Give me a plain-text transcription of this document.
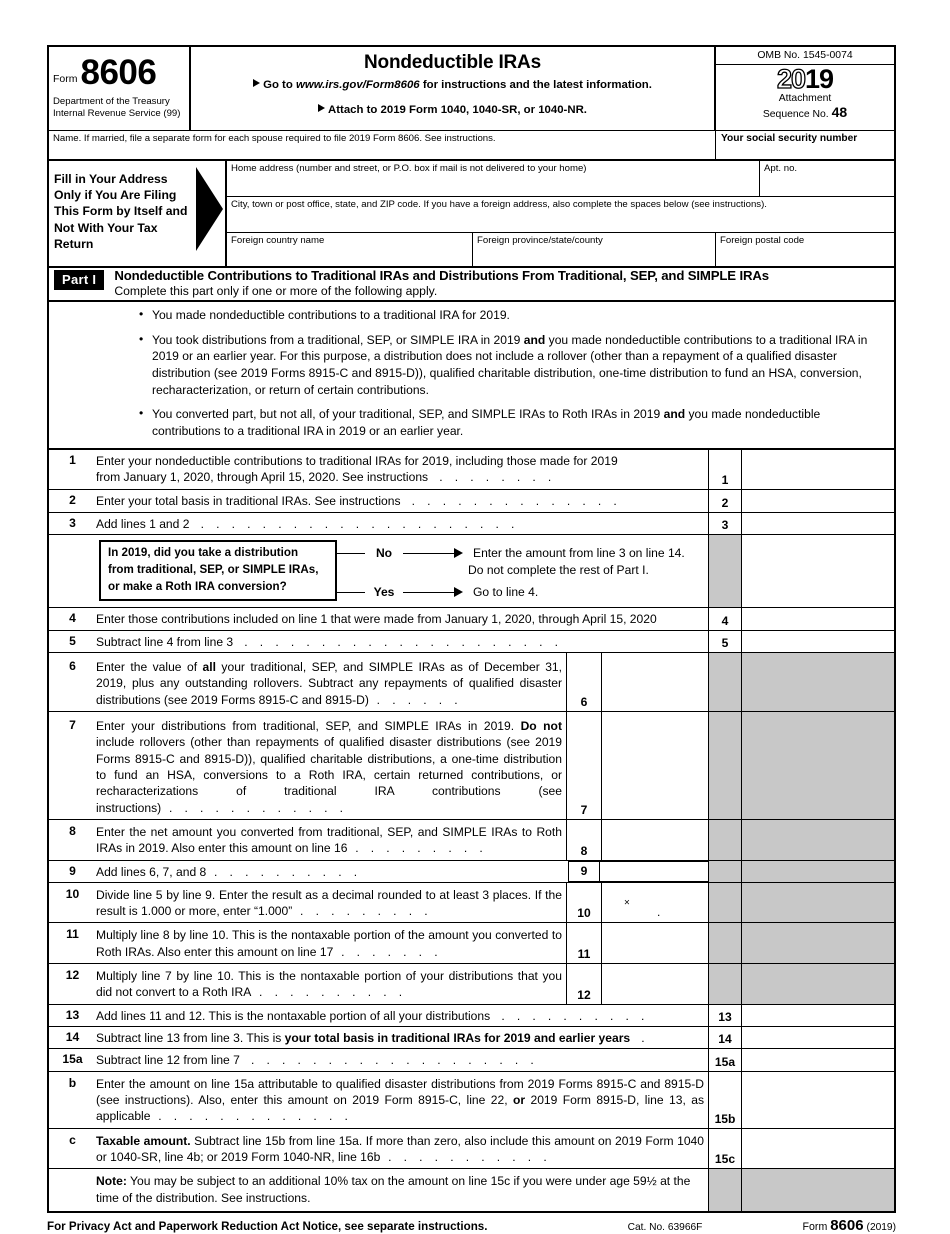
Form 8606
Department of the Treasury
Internal Revenue Service (99)
Nondeductible IRAs
Go to www.irs.gov/Form8606 for instructions and the latest information.
Attach to 2019 Form 1040, 1040-SR, or 1040-NR.
OMB No. 1545-0074
2019
Attachment
Sequence No. 48
Name. If married, file a separate form for each spouse required to file 2019 Form 8606. See instructions.	Your social security number
Fill in Your Address Only if You Are Filing This Form by Itself and Not With Your Tax Return
Home address (number and street, or P.O. box if mail is not delivered to your home)	Apt. no.
City, town or post office, state, and ZIP code. If you have a foreign address, also complete the spaces below (see instructions).
Foreign country name	Foreign province/state/county	Foreign postal code
Part I	Nondeductible Contributions to Traditional IRAs and Distributions From Traditional, SEP, and SIMPLE IRAs
Complete this part only if one or more of the following apply.
• You made nondeductible contributions to a traditional IRA for 2019.
• You took distributions from a traditional, SEP, or SIMPLE IRA in 2019 and you made nondeductible contributions to a traditional IRA in 2019 or an earlier year. For this purpose, a distribution does not include a rollover (other than a repayment of a qualified disaster distribution (see 2019 Forms 8915-C and 8915-D)), qualified charitable distribution, one-time distribution to fund an HSA, conversion, recharacterization, or return of certain contributions.
• You converted part, but not all, of your traditional, SEP, and SIMPLE IRAs to Roth IRAs in 2019 and you made nondeductible contributions to a traditional IRA in 2019 or an earlier year.
1	Enter your nondeductible contributions to traditional IRAs for 2019, including those made for 2019
from January 1, 2020, through April 15, 2020. See instructions  . . . . . . . .	1
2	Enter your total basis in traditional IRAs. See instructions  . . . . . . . . . . . . . .	2
3	Add lines 1 and 2  . . . . . . . . . . . . . . . . . . . . .	3
In 2019, did you take a distribution from traditional, SEP, or SIMPLE IRAs, or make a Roth IRA conversion?
No	Enter the amount from line 3 on line 14.
Do not complete the rest of Part I.
Yes	Go to line 4.
4	Enter those contributions included on line 1 that were made from January 1, 2020, through April 15, 2020	4
5	Subtract line 4 from line 3  . . . . . . . . . . . . . . . . . . . . .	5
6	Enter the value of all your traditional, SEP, and SIMPLE IRAs as of December 31, 2019, plus any outstanding rollovers. Subtract any repayments of qualified disaster distributions (see 2019 Forms 8915-C and 8915-D) . . . . . .	6
7	Enter your distributions from traditional, SEP, and SIMPLE IRAs in 2019. Do not include rollovers (other than repayments of qualified disaster distributions (see 2019 Forms 8915-C and 8915-D)), qualified charitable distributions, a one-time distribution to fund an HSA, conversions to a Roth IRA, certain returned contributions, or recharacterizations of traditional IRA contributions (see instructions) . . . . . . . . . . . .	7
8	Enter the net amount you converted from traditional, SEP, and SIMPLE IRAs to Roth IRAs in 2019. Also enter this amount on line 16 . . . . . . . . .	8
9	Add lines 6, 7, and 8 . . . . . . . . . .	9
10	Divide line 5 by line 9. Enter the result as a decimal rounded to at least 3 places. If the result is 1.000 or more, enter “1.000” . . . . . . . . .	10
×
.
11	Multiply line 8 by line 10. This is the nontaxable portion of the amount you converted to Roth IRAs. Also enter this amount on line 17 . . . . . . .	11
12	Multiply line 7 by line 10. This is the nontaxable portion of your distributions that you did not convert to a Roth IRA . . . . . . . . . .	12
13	Add lines 11 and 12. This is the nontaxable portion of all your distributions  . . . . . . . . . .	13
14	Subtract line 13 from line 3. This is your total basis in traditional IRAs for 2019 and earlier years  .	14
15a	Subtract line 12 from line 7  . . . . . . . . . . . . . . . . . . .	15a
b	Enter the amount on line 15a attributable to qualified disaster distributions from 2019 Forms 8915-C and 8915-D (see instructions). Also, enter this amount on 2019 Form 8915-C, line 22, or 2019 Form 8915-D, line 13, as applicable . . . . . . . . . . . . .	15b
c	Taxable amount. Subtract line 15b from line 15a. If more than zero, also include this amount on 2019 Form 1040 or 1040-SR, line 4b; or 2019 Form 1040-NR, line 16b . . . . . . . . . . .	15c
Note: You may be subject to an additional 10% tax on the amount on line 15c if you were under age 59½ at the time of the distribution. See instructions.
For Privacy Act and Paperwork Reduction Act Notice, see separate instructions.	Cat. No. 63966F	Form 8606 (2019)
